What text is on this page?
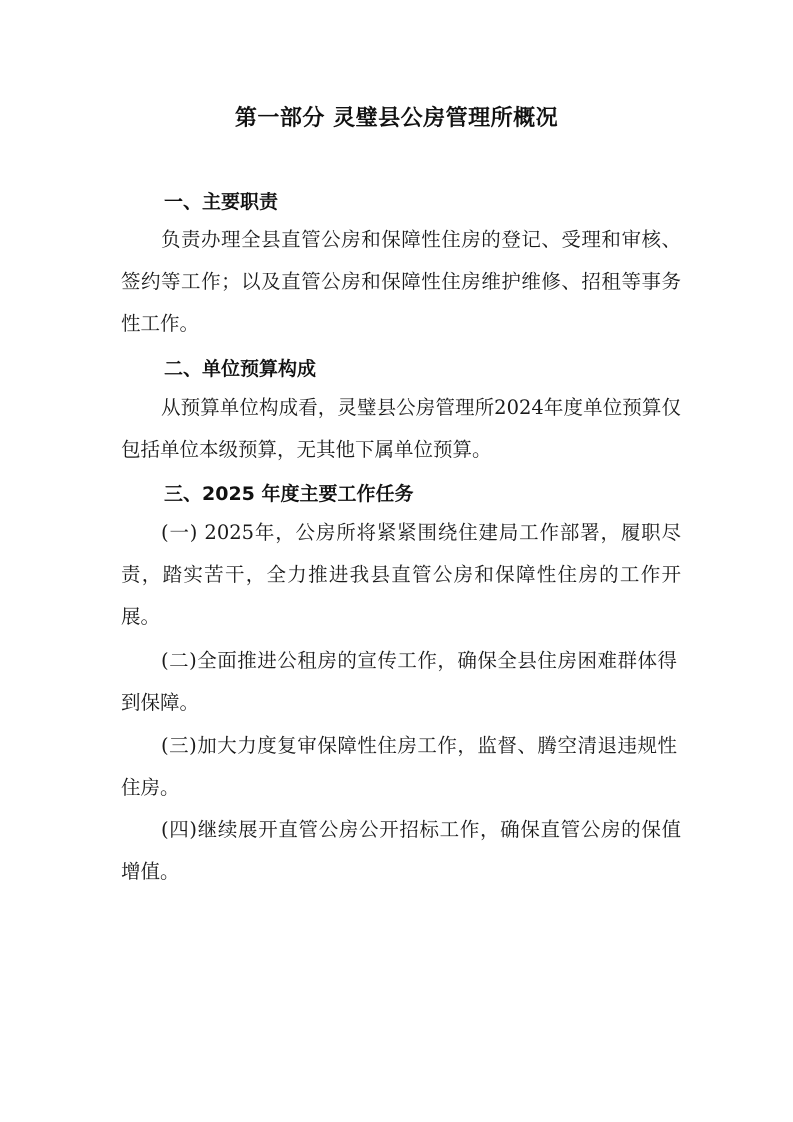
第一部分 灵璧县公房管理所概况
一、主要职责

负责办理全县直管公房和保障性住房的登记、受理和审核、签约等工作；以及直管公房和保障性住房维护维修、招租等事务性工作。

二、单位预算构成

从预算单位构成看，灵璧县公房管理所2024年度单位预算仅包括单位本级预算，无其他下属单位预算。

三、2025 年度主要工作任务

(一) 2025年，公房所将紧紧围绕住建局工作部署，履职尽责，踏实苦干，全力推进我县直管公房和保障性住房的工作开展。

(二)全面推进公租房的宣传工作，确保全县住房困难群体得到保障。

(三)加大力度复审保障性住房工作，监督、腾空清退违规性住房。

(四)继续展开直管公房公开招标工作，确保直管公房的保值增值。
